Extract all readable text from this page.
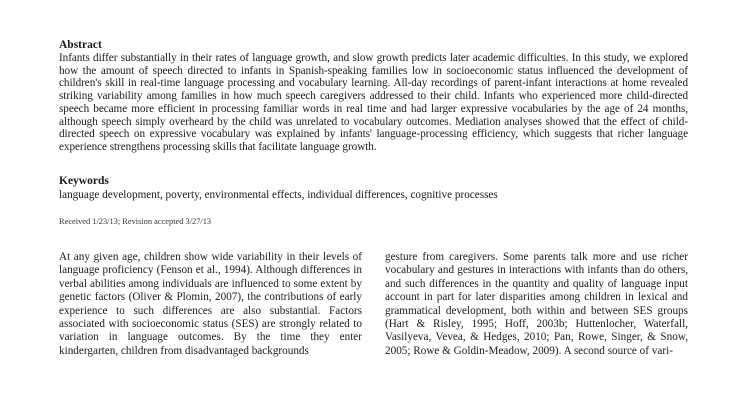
Abstract

Infants differ substantially in their rates of language growth, and slow growth predicts later academic difficulties. In this study, we explored how the amount of speech directed to infants in Spanish-speaking families low in socioeconomic status influenced the development of children's skill in real-time language processing and vocabulary learning. All-day recordings of parent-infant interactions at home revealed striking variability among families in how much speech caregivers addressed to their child. Infants who experienced more child-directed speech became more efficient in processing familiar words in real time and had larger expressive vocabularies by the age of 24 months, although speech simply overheard by the child was unrelated to vocabulary outcomes. Mediation analyses showed that the effect of child-directed speech on expressive vocabulary was explained by infants' language-processing efficiency, which suggests that richer language experience strengthens processing skills that facilitate language growth.

Keywords

language development, poverty, environmental effects, individual differences, cognitive processes

Received 1/23/13; Revision accepted 3/27/13

At any given age, children show wide variability in their levels of language proficiency (Fenson et al., 1994). Although differences in verbal abilities among individuals are influenced to some extent by genetic factors (Oliver & Plomin, 2007), the contributions of early experience to such differences are also substantial. Factors associated with socioeconomic status (SES) are strongly related to variation in language outcomes. By the time they enter kindergarten, children from disadvantaged backgrounds

gesture from caregivers. Some parents talk more and use richer vocabulary and gestures in interactions with infants than do others, and such differences in the quantity and quality of language input account in part for later disparities among children in lexical and grammatical development, both within and between SES groups (Hart & Risley, 1995; Hoff, 2003b; Huttenlocher, Waterfall, Vasilyeva, Vevea, & Hedges, 2010; Pan, Rowe, Singer, & Snow, 2005; Rowe & Goldin-Meadow, 2009). A second source of vari-
